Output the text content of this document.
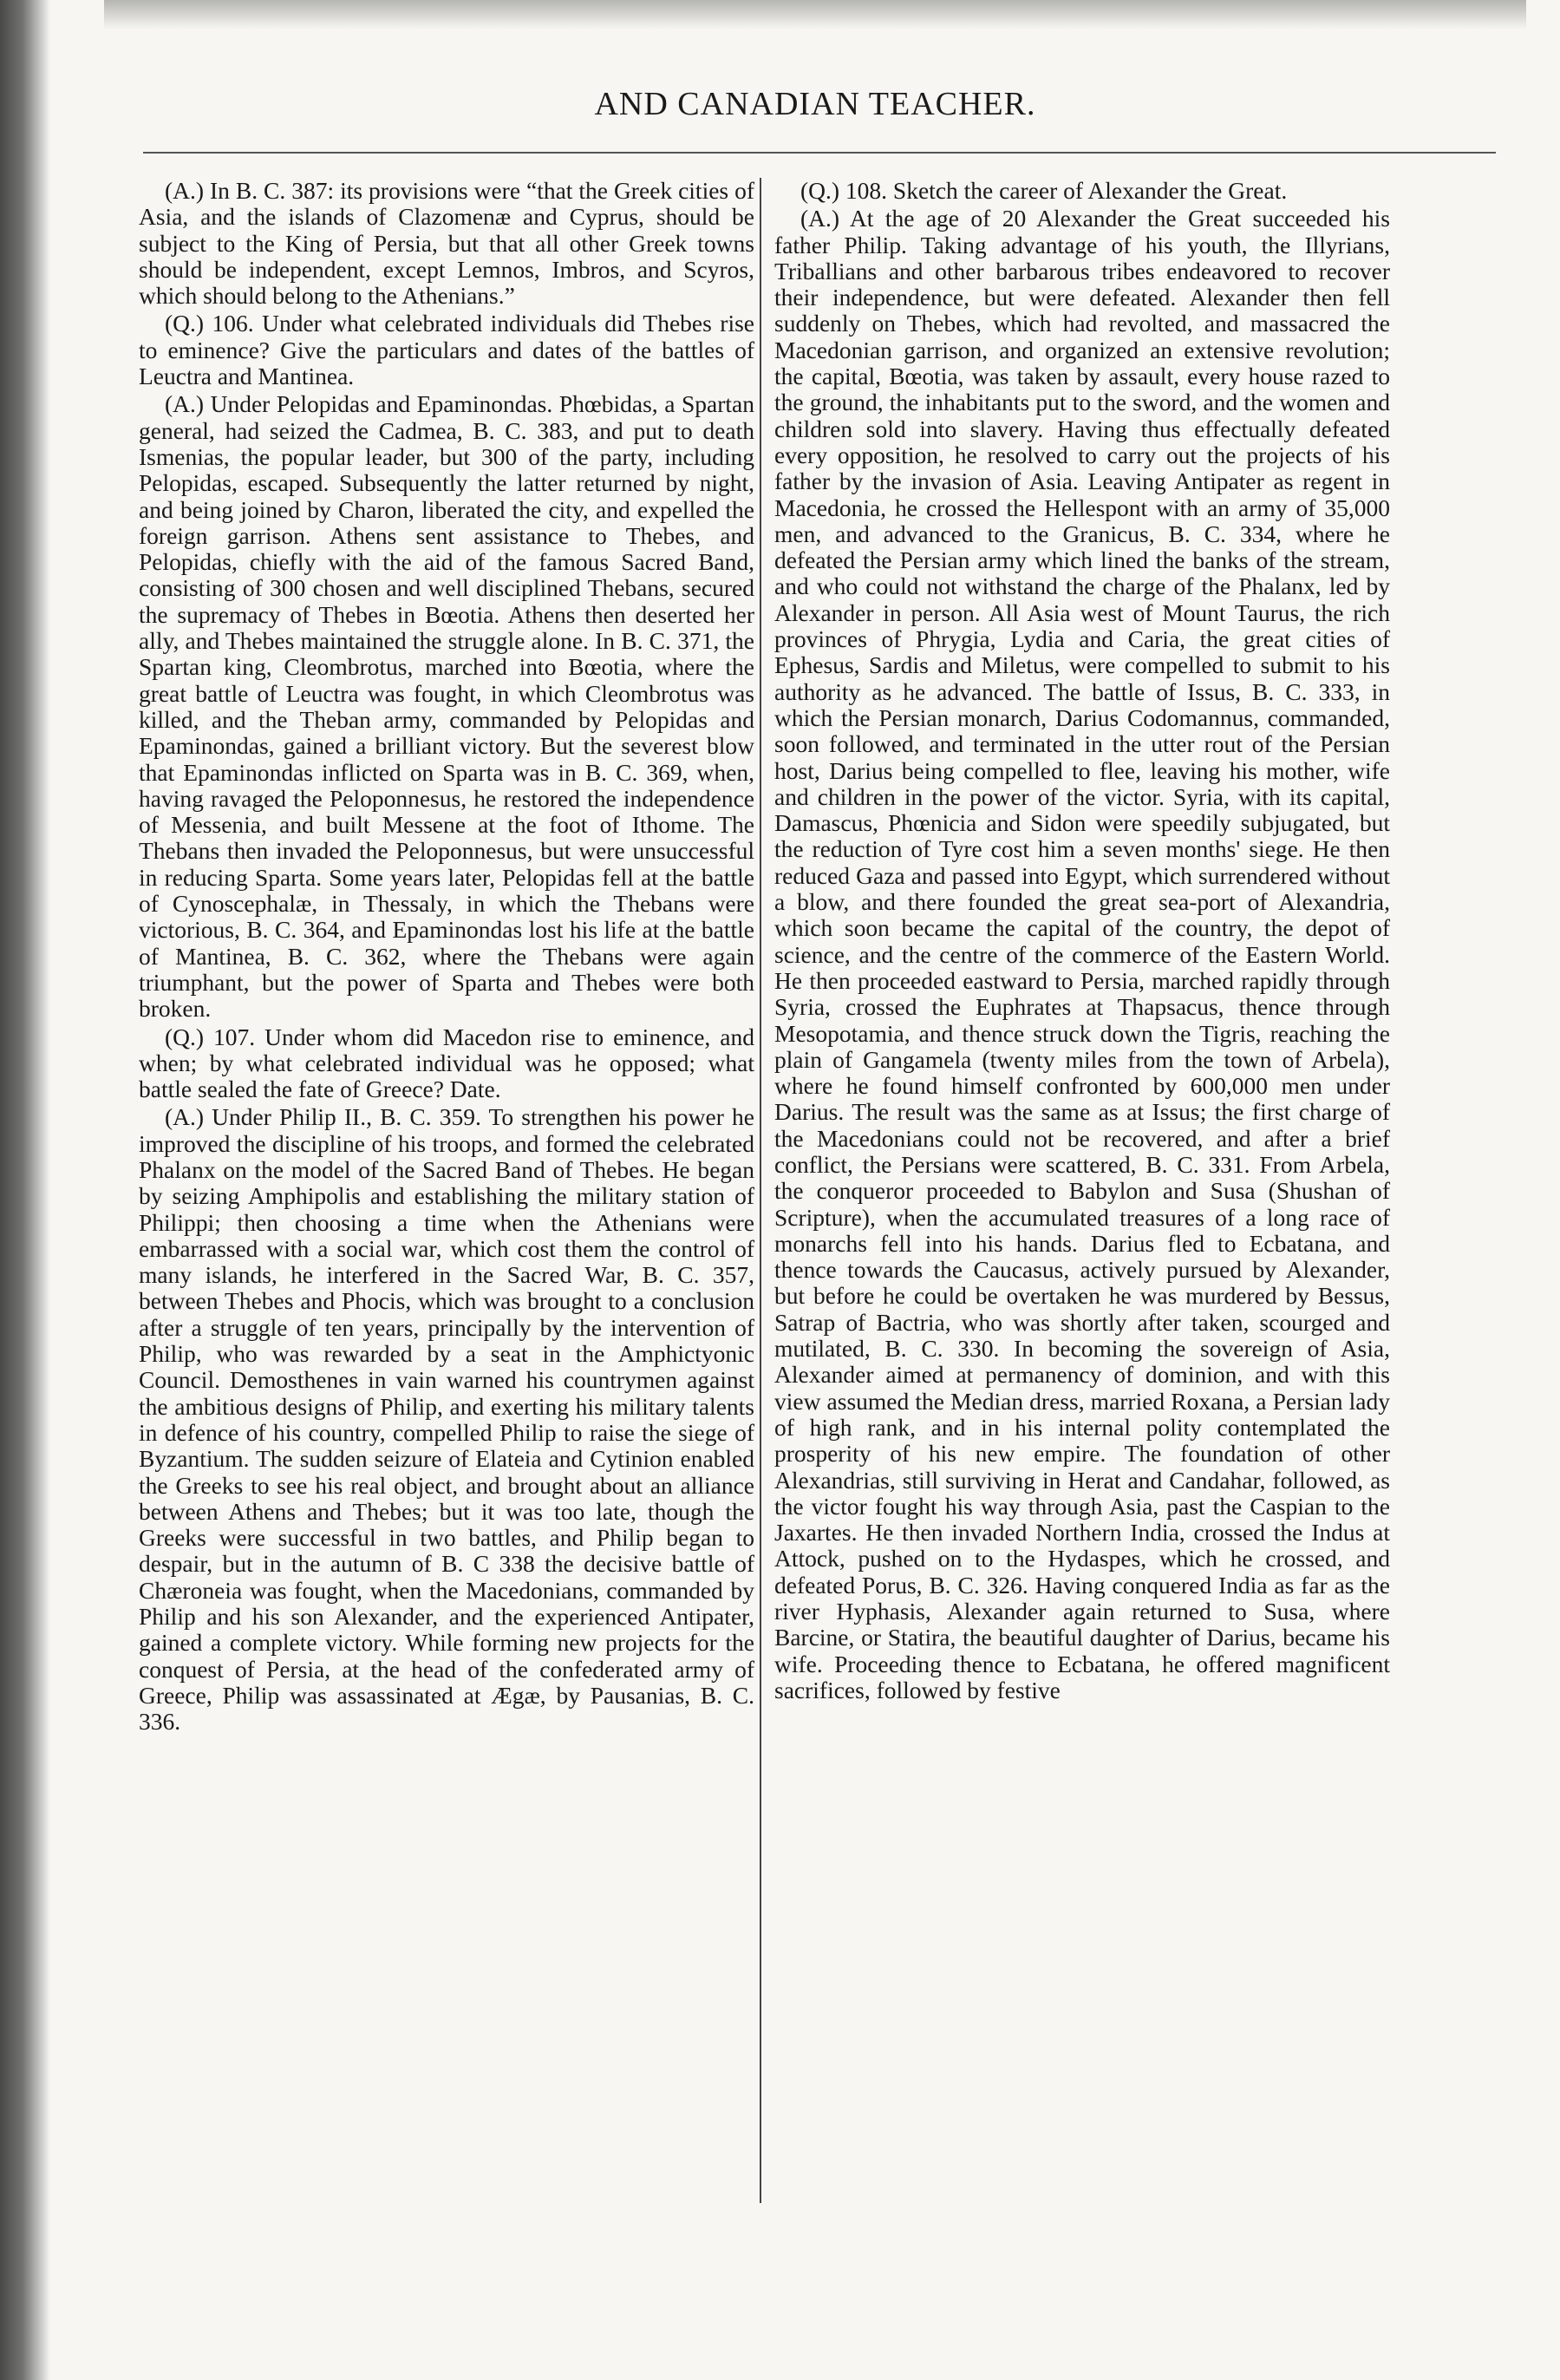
AND CANADIAN TEACHER.

(A.) In B. C. 387: its provisions were “that the Greek cities of Asia, and the islands of Clazomenæ and Cyprus, should be subject to the King of Persia, but that all other Greek towns should be independent, except Lemnos, Imbros, and Scyros, which should belong to the Athenians.”

(Q.) 106. Under what celebrated individuals did Thebes rise to eminence? Give the particulars and dates of the battles of Leuctra and Mantinea.

(A.) Under Pelopidas and Epaminondas. Phœbidas, a Spartan general, had seized the Cadmea, B. C. 383, and put to death Ismenias, the popular leader, but 300 of the party, including Pelopidas, escaped. Subsequently the latter returned by night, and being joined by Charon, liberated the city, and expelled the foreign garrison. Athens sent assistance to Thebes, and Pelopidas, chiefly with the aid of the famous Sacred Band, consisting of 300 chosen and well disciplined Thebans, secured the supremacy of Thebes in Bœotia. Athens then deserted her ally, and Thebes maintained the struggle alone. In B. C. 371, the Spartan king, Cleombrotus, marched into Bœotia, where the great battle of Leuctra was fought, in which Cleombrotus was killed, and the Theban army, commanded by Pelopidas and Epaminondas, gained a brilliant victory. But the severest blow that Epaminondas inflicted on Sparta was in B. C. 369, when, having ravaged the Peloponnesus, he restored the independence of Messenia, and built Messene at the foot of Ithome. The Thebans then invaded the Peloponnesus, but were unsuccessful in reducing Sparta. Some years later, Pelopidas fell at the battle of Cynoscephalæ, in Thessaly, in which the Thebans were victorious, B. C. 364, and Epaminondas lost his life at the battle of Mantinea, B. C. 362, where the Thebans were again triumphant, but the power of Sparta and Thebes were both broken.

(Q.) 107. Under whom did Macedon rise to eminence, and when; by what celebrated individual was he opposed; what battle sealed the fate of Greece? Date.

(A.) Under Philip II., B. C. 359. To strengthen his power he improved the discipline of his troops, and formed the celebrated Phalanx on the model of the Sacred Band of Thebes. He began by seizing Amphipolis and establishing the military station of Philippi; then choosing a time when the Athenians were embarrassed with a social war, which cost them the control of many islands, he interfered in the Sacred War, B. C. 357, between Thebes and Phocis, which was brought to a conclusion after a struggle of ten years, principally by the intervention of Philip, who was rewarded by a seat in the Amphictyonic Council. Demosthenes in vain warned his countrymen against the ambitious designs of Philip, and exerting his military talents in defence of his country, compelled Philip to raise the siege of Byzantium. The sudden seizure of Elateia and Cytinion enabled the Greeks to see his real object, and brought about an alliance between Athens and Thebes; but it was too late, though the Greeks were successful in two battles, and Philip began to despair, but in the autumn of B. C 338 the decisive battle of Chæroneia was fought, when the Macedonians, commanded by Philip and his son Alexander, and the experienced Antipater, gained a complete victory. While forming new projects for the conquest of Persia, at the head of the confederated army of Greece, Philip was assassinated at Ægæ, by Pausanias, B. C. 336.

(Q.) 108. Sketch the career of Alexander the Great.

(A.) At the age of 20 Alexander the Great succeeded his father Philip. Taking advantage of his youth, the Illyrians, Triballians and other barbarous tribes endeavored to recover their independence, but were defeated. Alexander then fell suddenly on Thebes, which had revolted, and massacred the Macedonian garrison, and organized an extensive revolution; the capital, Bœotia, was taken by assault, every house razed to the ground, the inhabitants put to the sword, and the women and children sold into slavery. Having thus effectually defeated every opposition, he resolved to carry out the projects of his father by the invasion of Asia. Leaving Antipater as regent in Macedonia, he crossed the Hellespont with an army of 35,000 men, and advanced to the Granicus, B. C. 334, where he defeated the Persian army which lined the banks of the stream, and who could not withstand the charge of the Phalanx, led by Alexander in person. All Asia west of Mount Taurus, the rich provinces of Phrygia, Lydia and Caria, the great cities of Ephesus, Sardis and Miletus, were compelled to submit to his authority as he advanced. The battle of Issus, B. C. 333, in which the Persian monarch, Darius Codomannus, commanded, soon followed, and terminated in the utter rout of the Persian host, Darius being compelled to flee, leaving his mother, wife and children in the power of the victor. Syria, with its capital, Damascus, Phœnicia and Sidon were speedily subjugated, but the reduction of Tyre cost him a seven months' siege. He then reduced Gaza and passed into Egypt, which surrendered without a blow, and there founded the great sea-port of Alexandria, which soon became the capital of the country, the depot of science, and the centre of the commerce of the Eastern World. He then proceeded eastward to Persia, marched rapidly through Syria, crossed the Euphrates at Thapsacus, thence through Mesopotamia, and thence struck down the Tigris, reaching the plain of Gangamela (twenty miles from the town of Arbela), where he found himself confronted by 600,000 men under Darius. The result was the same as at Issus; the first charge of the Macedonians could not be recovered, and after a brief conflict, the Persians were scattered, B. C. 331. From Arbela, the conqueror proceeded to Babylon and Susa (Shushan of Scripture), when the accumulated treasures of a long race of monarchs fell into his hands. Darius fled to Ecbatana, and thence towards the Caucasus, actively pursued by Alexander, but before he could be overtaken he was murdered by Bessus, Satrap of Bactria, who was shortly after taken, scourged and mutilated, B. C. 330. In becoming the sovereign of Asia, Alexander aimed at permanency of dominion, and with this view assumed the Median dress, married Roxana, a Persian lady of high rank, and in his internal polity contemplated the prosperity of his new empire. The foundation of other Alexandrias, still surviving in Herat and Candahar, followed, as the victor fought his way through Asia, past the Caspian to the Jaxartes. He then invaded Northern India, crossed the Indus at Attock, pushed on to the Hydaspes, which he crossed, and defeated Porus, B. C. 326. Having conquered India as far as the river Hyphasis, Alexander again returned to Susa, where Barcine, or Statira, the beautiful daughter of Darius, became his wife. Proceeding thence to Ecbatana, he offered magnificent sacrifices, followed by festive
